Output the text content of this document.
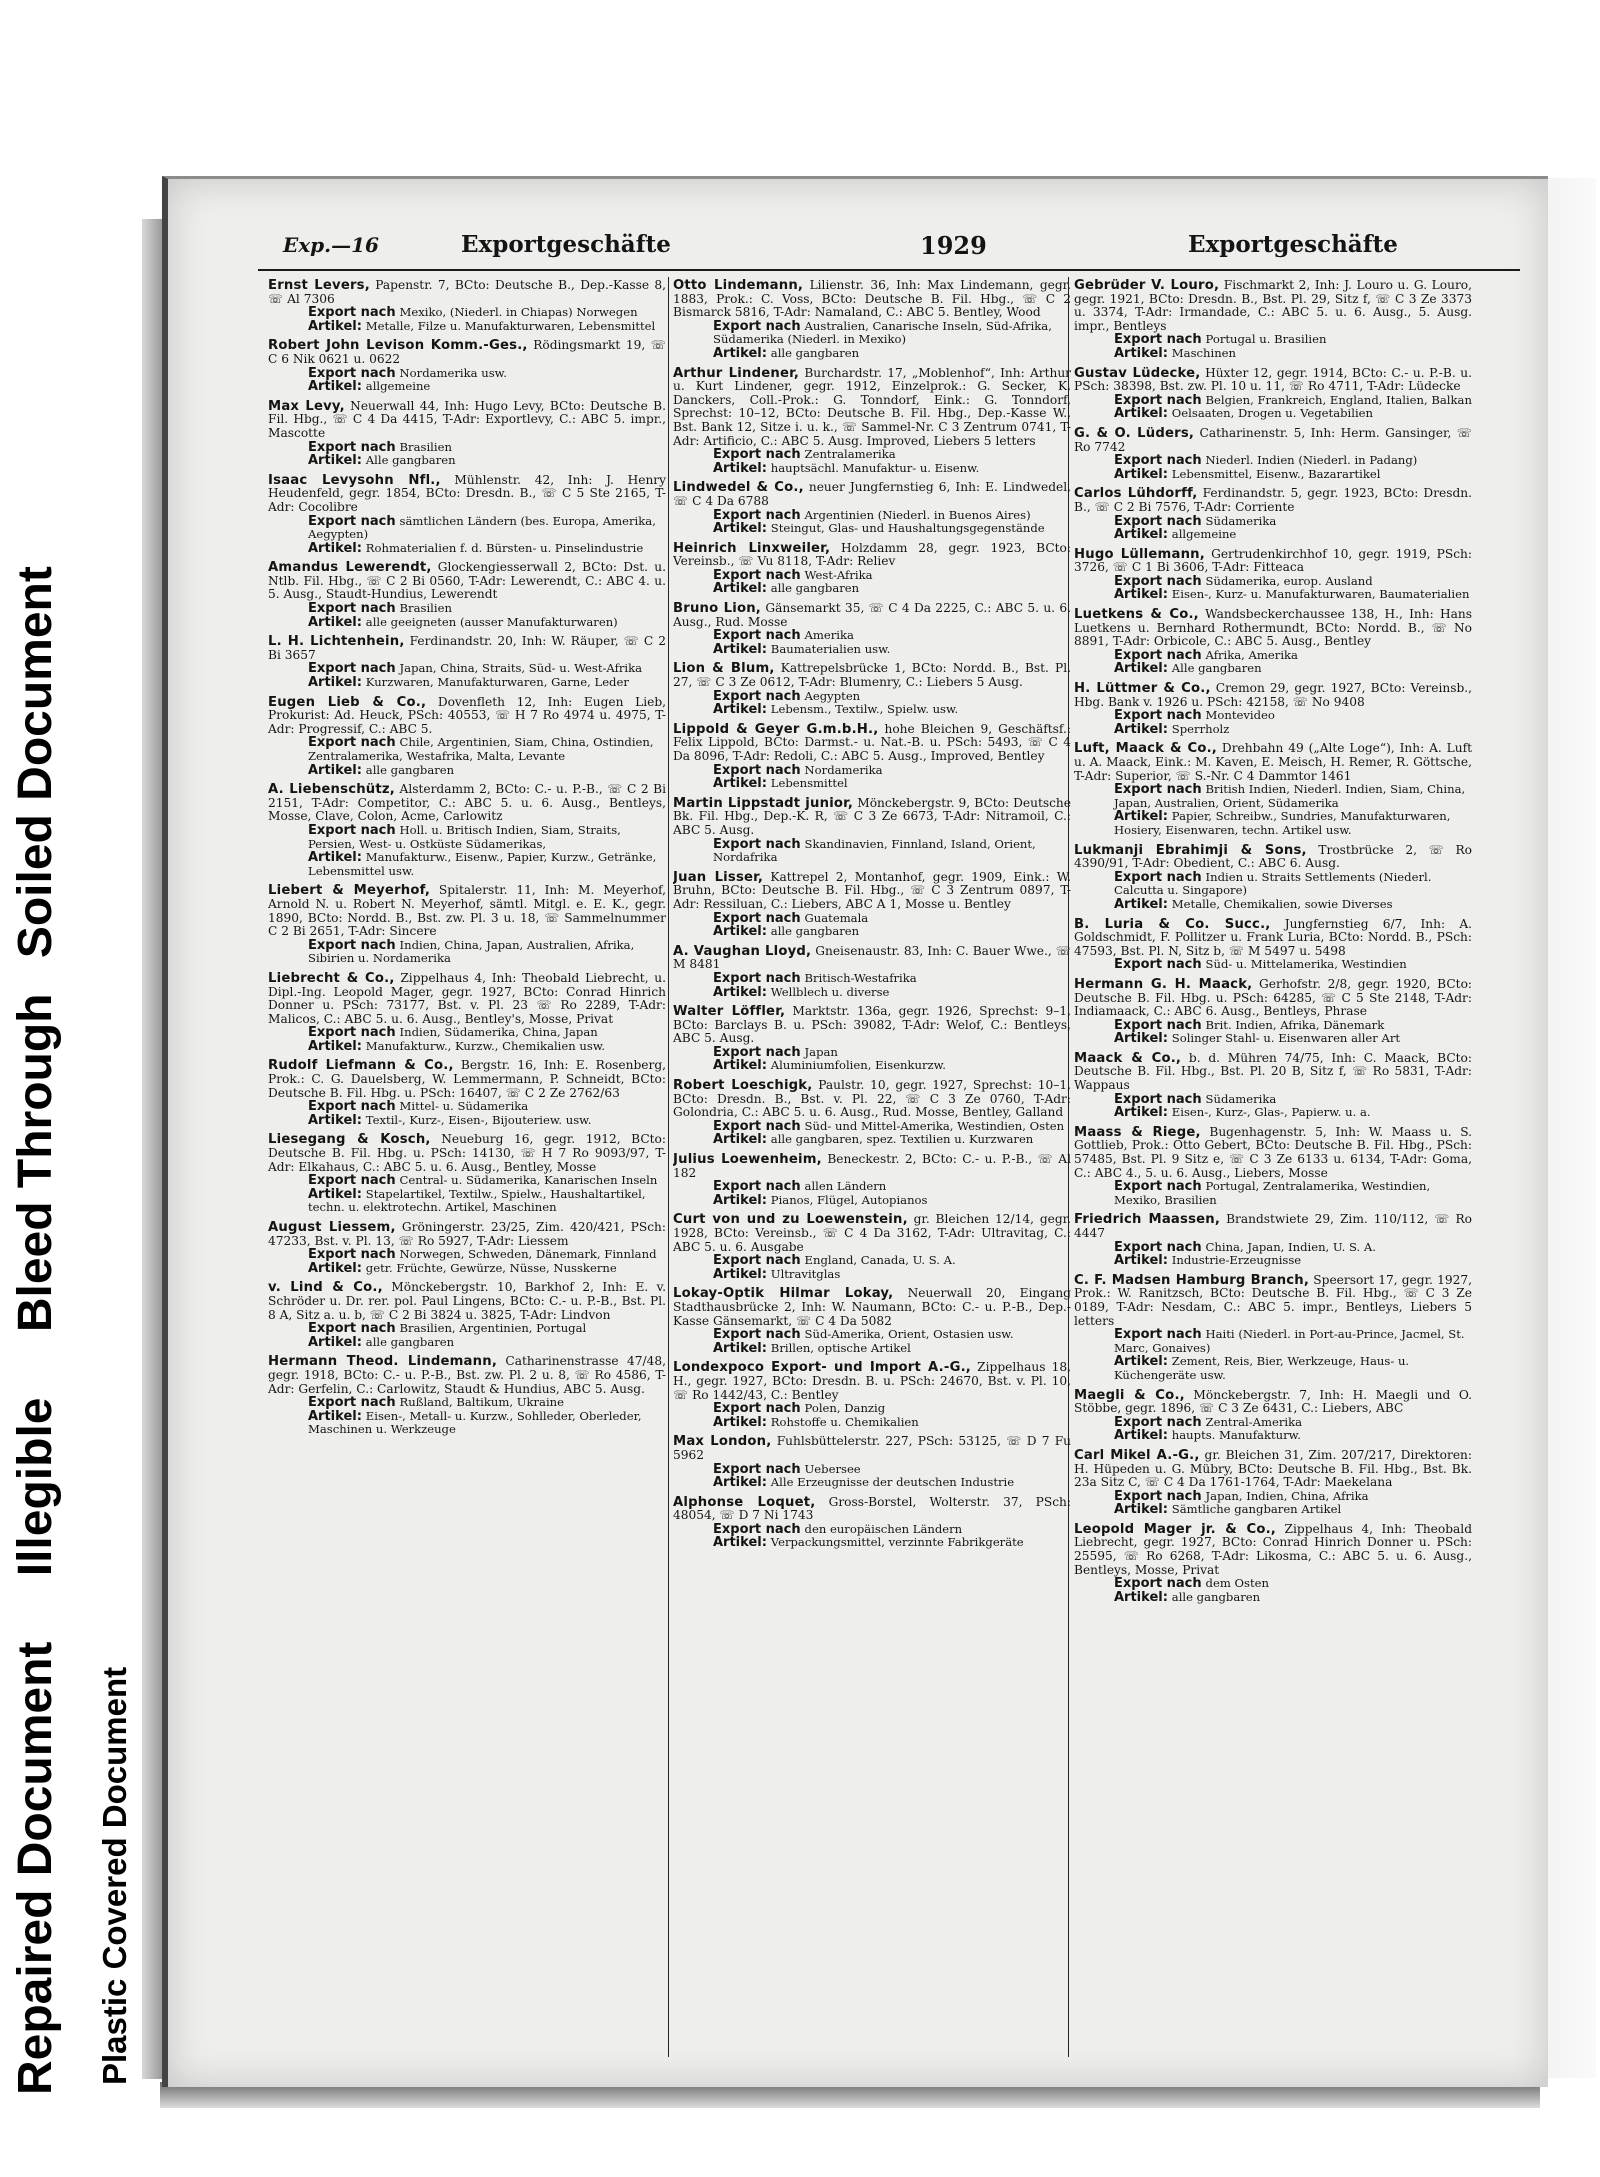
Repaired Document Illegible Bleed Through Soiled Document
Plastic Covered Document
Exp.—16	Exportgeschäfte	1929	Exportgeschäfte
Ernst Levers, Papenstr. 7, BCto: Deutsche B., Dep.-Kasse 8, ☏ Al 7306
Export nach Mexiko, (Niederl. in Chiapas) Norwegen
Artikel: Metalle, Filze u. Manufakturwaren, Lebensmittel
Robert John Levison Komm.-Ges., Rödingsmarkt 19, ☏ C 6 Nik 0621 u. 0622
Export nach Nordamerika usw.
Artikel: allgemeine
Max Levy, Neuerwall 44, Inh: Hugo Levy, BCto: Deutsche B. Fil. Hbg., ☏ C 4 Da 4415, T-Adr: Exportlevy, C.: ABC 5. impr., Mascotte
Export nach Brasilien
Artikel: Alle gangbaren
Isaac Levysohn Nfl., Mühlenstr. 42, Inh: J. Henry Heudenfeld, gegr. 1854, BCto: Dresdn. B., ☏ C 5 Ste 2165, T-Adr: Cocolibre
Export nach sämtlichen Ländern (bes. Europa, Amerika, Aegypten)
Artikel: Rohmaterialien f. d. Bürsten- u. Pinselindustrie
Amandus Lewerendt, Glockengiesserwall 2, BCto: Dst. u. Ntlb. Fil. Hbg., ☏ C 2 Bi 0560, T-Adr: Lewerendt, C.: ABC 4. u. 5. Ausg., Staudt-Hundius, Lewerendt
Export nach Brasilien
Artikel: alle geeigneten (ausser Manufakturwaren)
L. H. Lichtenhein, Ferdinandstr. 20, Inh: W. Räuper, ☏ C 2 Bi 3657
Export nach Japan, China, Straits, Süd- u. West-Afrika
Artikel: Kurzwaren, Manufakturwaren, Garne, Leder
Eugen Lieb & Co., Dovenfleth 12, Inh: Eugen Lieb, Prokurist: Ad. Heuck, PSch: 40553, ☏ H 7 Ro 4974 u. 4975, T-Adr: Progressif, C.: ABC 5.
Export nach Chile, Argentinien, Siam, China, Ostindien, Zentralamerika, Westafrika, Malta, Levante
Artikel: alle gangbaren
A. Liebenschütz, Alsterdamm 2, BCto: C.- u. P.-B., ☏ C 2 Bi 2151, T-Adr: Competitor, C.: ABC 5. u. 6. Ausg., Bentleys, Mosse, Clave, Colon, Acme, Carlowitz
Export nach Holl. u. Britisch Indien, Siam, Straits, Persien, West- u. Ostküste Südamerikas,
Artikel: Manufakturw., Eisenw., Papier, Kurzw., Getränke, Lebensmittel usw.
Liebert & Meyerhof, Spitalerstr. 11, Inh: M. Meyerhof, Arnold N. u. Robert N. Meyerhof, sämtl. Mitgl. e. E. K., gegr. 1890, BCto: Nordd. B., Bst. zw. Pl. 3 u. 18, ☏ Sammelnummer C 2 Bi 2651, T-Adr: Sincere
Export nach Indien, China, Japan, Australien, Afrika, Sibirien u. Nordamerika
Liebrecht & Co., Zippelhaus 4, Inh: Theobald Liebrecht, u. Dipl.-Ing. Leopold Mager, gegr. 1927, BCto: Conrad Hinrich Donner u. PSch: 73177, Bst. v. Pl. 23 ☏ Ro 2289, T-Adr: Malicos, C.: ABC 5. u. 6. Ausg., Bentley's, Mosse, Privat
Export nach Indien, Südamerika, China, Japan
Artikel: Manufakturw., Kurzw., Chemikalien usw.
Rudolf Liefmann & Co., Bergstr. 16, Inh: E. Rosenberg, Prok.: C. G. Dauelsberg, W. Lemmermann, P. Schneidt, BCto: Deutsche B. Fil. Hbg. u. PSch: 16407, ☏ C 2 Ze 2762/63
Export nach Mittel- u. Südamerika
Artikel: Textil-, Kurz-, Eisen-, Bijouteriew. usw.
Liesegang & Kosch, Neueburg 16, gegr. 1912, BCto: Deutsche B. Fil. Hbg. u. PSch: 14130, ☏ H 7 Ro 9093/97, T-Adr: Elkahaus, C.: ABC 5. u. 6. Ausg., Bentley, Mosse
Export nach Central- u. Südamerika, Kanarischen Inseln
Artikel: Stapelartikel, Textilw., Spielw., Haushaltartikel, techn. u. elektrotechn. Artikel, Maschinen
August Liessem, Gröningerstr. 23/25, Zim. 420/421, PSch: 47233, Bst. v. Pl. 13, ☏ Ro 5927, T-Adr: Liessem
Export nach Norwegen, Schweden, Dänemark, Finnland
Artikel: getr. Früchte, Gewürze, Nüsse, Nusskerne
v. Lind & Co., Mönckebergstr. 10, Barkhof 2, Inh: E. v. Schröder u. Dr. rer. pol. Paul Lingens, BCto: C.- u. P.-B., Bst. Pl. 8 A, Sitz a. u. b, ☏ C 2 Bi 3824 u. 3825, T-Adr: Lindvon
Export nach Brasilien, Argentinien, Portugal
Artikel: alle gangbaren
Hermann Theod. Lindemann, Catharinenstrasse 47/48, gegr. 1918, BCto: C.- u. P.-B., Bst. zw. Pl. 2 u. 8, ☏ Ro 4586, T-Adr: Gerfelin, C.: Carlowitz, Staudt & Hundius, ABC 5. Ausg.
Export nach Rußland, Baltikum, Ukraine
Artikel: Eisen-, Metall- u. Kurzw., Sohlleder, Oberleder, Maschinen u. Werkzeuge
Otto Lindemann, Lilienstr. 36, Inh: Max Lindemann, gegr. 1883, Prok.: C. Voss, BCto: Deutsche B. Fil. Hbg., ☏ C 2 Bismarck 5816, T-Adr: Namaland, C.: ABC 5. Bentley, Wood
Export nach Australien, Canarische Inseln, Süd-Afrika, Südamerika (Niederl. in Mexiko)
Artikel: alle gangbaren
Arthur Lindener, Burchardstr. 17, „Moblenhof“, Inh: Arthur u. Kurt Lindener, gegr. 1912, Einzelprok.: G. Secker, K. Danckers, Coll.-Prok.: G. Tonndorf, Eink.: G. Tonndorf, Sprechst: 10–12, BCto: Deutsche B. Fil. Hbg., Dep.-Kasse W., Bst. Bank 12, Sitze i. u. k., ☏ Sammel-Nr. C 3 Zentrum 0741, T-Adr: Artificio, C.: ABC 5. Ausg. Improved, Liebers 5 letters
Export nach Zentralamerika
Artikel: hauptsächl. Manufaktur- u. Eisenw.
Lindwedel & Co., neuer Jungfernstieg 6, Inh: E. Lindwedel, ☏ C 4 Da 6788
Export nach Argentinien (Niederl. in Buenos Aires)
Artikel: Steingut, Glas- und Haushaltungsgegenstände
Heinrich Linxweiler, Holzdamm 28, gegr. 1923, BCto: Vereinsb., ☏ Vu 8118, T-Adr: Reliev
Export nach West-Afrika
Artikel: alle gangbaren
Bruno Lion, Gänsemarkt 35, ☏ C 4 Da 2225, C.: ABC 5. u. 6. Ausg., Rud. Mosse
Export nach Amerika
Artikel: Baumaterialien usw.
Lion & Blum, Kattrepelsbrücke 1, BCto: Nordd. B., Bst. Pl. 27, ☏ C 3 Ze 0612, T-Adr: Blumenry, C.: Liebers 5 Ausg.
Export nach Aegypten
Artikel: Lebensm., Textilw., Spielw. usw.
Lippold & Geyer G.m.b.H., hohe Bleichen 9, Geschäftsf.: Felix Lippold, BCto: Darmst.- u. Nat.-B. u. PSch: 5493, ☏ C 4 Da 8096, T-Adr: Redoli, C.: ABC 5. Ausg., Improved, Bentley
Export nach Nordamerika
Artikel: Lebensmittel
Martin Lippstadt junior, Mönckebergstr. 9, BCto: Deutsche Bk. Fil. Hbg., Dep.-K. R, ☏ C 3 Ze 6673, T-Adr: Nitramoil, C.: ABC 5. Ausg.
Export nach Skandinavien, Finnland, Island, Orient, Nordafrika
Juan Lisser, Kattrepel 2, Montanhof, gegr. 1909, Eink.: W. Bruhn, BCto: Deutsche B. Fil. Hbg., ☏ C 3 Zentrum 0897, T-Adr: Ressiluan, C.: Liebers, ABC A 1, Mosse u. Bentley
Export nach Guatemala
Artikel: alle gangbaren
A. Vaughan Lloyd, Gneisenaustr. 83, Inh: C. Bauer Wwe., ☏ M 8481
Export nach Britisch-Westafrika
Artikel: Wellblech u. diverse
Walter Löffler, Marktstr. 136a, gegr. 1926, Sprechst: 9–1, BCto: Barclays B. u. PSch: 39082, T-Adr: Welof, C.: Bentleys, ABC 5. Ausg.
Export nach Japan
Artikel: Aluminiumfolien, Eisenkurzw.
Robert Loeschigk, Paulstr. 10, gegr. 1927, Sprechst: 10–1, BCto: Dresdn. B., Bst. v. Pl. 22, ☏ C 3 Ze 0760, T-Adr: Golondria, C.: ABC 5. u. 6. Ausg., Rud. Mosse, Bentley, Galland
Export nach Süd- und Mittel-Amerika, Westindien, Osten
Artikel: alle gangbaren, spez. Textilien u. Kurzwaren
Julius Loewenheim, Beneckestr. 2, BCto: C.- u. P.-B., ☏ Al 182
Export nach allen Ländern
Artikel: Pianos, Flügel, Autopianos
Curt von und zu Loewenstein, gr. Bleichen 12/14, gegr. 1928, BCto: Vereinsb., ☏ C 4 Da 3162, T-Adr: Ultravitag, C.: ABC 5. u. 6. Ausgabe
Export nach England, Canada, U. S. A.
Artikel: Ultravitglas
Lokay-Optik Hilmar Lokay, Neuerwall 20, Eingang Stadthausbrücke 2, Inh: W. Naumann, BCto: C.- u. P.-B., Dep.-Kasse Gänsemarkt, ☏ C 4 Da 5082
Export nach Süd-Amerika, Orient, Ostasien usw.
Artikel: Brillen, optische Artikel
Londexpoco Export- und Import A.-G., Zippelhaus 18, H., gegr. 1927, BCto: Dresdn. B. u. PSch: 24670, Bst. v. Pl. 10, ☏ Ro 1442/43, C.: Bentley
Export nach Polen, Danzig
Artikel: Rohstoffe u. Chemikalien
Max London, Fuhlsbüttelerstr. 227, PSch: 53125, ☏ D 7 Fu 5962
Export nach Uebersee
Artikel: Alle Erzeugnisse der deutschen Industrie
Alphonse Loquet, Gross-Borstel, Wolterstr. 37, PSch: 48054, ☏ D 7 Ni 1743
Export nach den europäischen Ländern
Artikel: Verpackungsmittel, verzinnte Fabrikgeräte
Gebrüder V. Louro, Fischmarkt 2, Inh: J. Louro u. G. Louro, gegr. 1921, BCto: Dresdn. B., Bst. Pl. 29, Sitz f, ☏ C 3 Ze 3373 u. 3374, T-Adr: Irmandade, C.: ABC 5. u. 6. Ausg., 5. Ausg. impr., Bentleys
Export nach Portugal u. Brasilien
Artikel: Maschinen
Gustav Lüdecke, Hüxter 12, gegr. 1914, BCto: C.- u. P.-B. u. PSch: 38398, Bst. zw. Pl. 10 u. 11, ☏ Ro 4711, T-Adr: Lüdecke
Export nach Belgien, Frankreich, England, Italien, Balkan
Artikel: Oelsaaten, Drogen u. Vegetabilien
G. & O. Lüders, Catharinenstr. 5, Inh: Herm. Gansinger, ☏ Ro 7742
Export nach Niederl. Indien (Niederl. in Padang)
Artikel: Lebensmittel, Eisenw., Bazarartikel
Carlos Lühdorff, Ferdinandstr. 5, gegr. 1923, BCto: Dresdn. B., ☏ C 2 Bi 7576, T-Adr: Corriente
Export nach Südamerika
Artikel: allgemeine
Hugo Lüllemann, Gertrudenkirchhof 10, gegr. 1919, PSch: 3726, ☏ C 1 Bi 3606, T-Adr: Fitteaca
Export nach Südamerika, europ. Ausland
Artikel: Eisen-, Kurz- u. Manufakturwaren, Baumaterialien
Luetkens & Co., Wandsbeckerchaussee 138, H., Inh: Hans Luetkens u. Bernhard Rothermundt, BCto: Nordd. B., ☏ No 8891, T-Adr: Orbicole, C.: ABC 5. Ausg., Bentley
Export nach Afrika, Amerika
Artikel: Alle gangbaren
H. Lüttmer & Co., Cremon 29, gegr. 1927, BCto: Vereinsb., Hbg. Bank v. 1926 u. PSch: 42158, ☏ No 9408
Export nach Montevideo
Artikel: Sperrholz
Luft, Maack & Co., Drehbahn 49 („Alte Loge“), Inh: A. Luft u. A. Maack, Eink.: M. Kaven, E. Meisch, H. Remer, R. Göttsche, T-Adr: Superior, ☏ S.-Nr. C 4 Dammtor 1461
Export nach British Indien, Niederl. Indien, Siam, China, Japan, Australien, Orient, Südamerika
Artikel: Papier, Schreibw., Sundries, Manufakturwaren, Hosiery, Eisenwaren, techn. Artikel usw.
Lukmanji Ebrahimji & Sons, Trostbrücke 2, ☏ Ro 4390/91, T-Adr: Obedient, C.: ABC 6. Ausg.
Export nach Indien u. Straits Settlements (Niederl. Calcutta u. Singapore)
Artikel: Metalle, Chemikalien, sowie Diverses
B. Luria & Co. Succ., Jungfernstieg 6/7, Inh: A. Goldschmidt, F. Pollitzer u. Frank Luria, BCto: Nordd. B., PSch: 47593, Bst. Pl. N, Sitz b, ☏ M 5497 u. 5498
Export nach Süd- u. Mittelamerika, Westindien
Hermann G. H. Maack, Gerhofstr. 2/8, gegr. 1920, BCto: Deutsche B. Fil. Hbg. u. PSch: 64285, ☏ C 5 Ste 2148, T-Adr: Indiamaack, C.: ABC 6. Ausg., Bentleys, Phrase
Export nach Brit. Indien, Afrika, Dänemark
Artikel: Solinger Stahl- u. Eisenwaren aller Art
Maack & Co., b. d. Mühren 74/75, Inh: C. Maack, BCto: Deutsche B. Fil. Hbg., Bst. Pl. 20 B, Sitz f, ☏ Ro 5831, T-Adr: Wappaus
Export nach Südamerika
Artikel: Eisen-, Kurz-, Glas-, Papierw. u. a.
Maass & Riege, Bugenhagenstr. 5, Inh: W. Maass u. S. Gottlieb, Prok.: Otto Gebert, BCto: Deutsche B. Fil. Hbg., PSch: 57485, Bst. Pl. 9 Sitz e, ☏ C 3 Ze 6133 u. 6134, T-Adr: Goma, C.: ABC 4., 5. u. 6. Ausg., Liebers, Mosse
Export nach Portugal, Zentralamerika, Westindien, Mexiko, Brasilien
Friedrich Maassen, Brandstwiete 29, Zim. 110/112, ☏ Ro 4447
Export nach China, Japan, Indien, U. S. A.
Artikel: Industrie-Erzeugnisse
C. F. Madsen Hamburg Branch, Speersort 17, gegr. 1927, Prok.: W. Ranitzsch, BCto: Deutsche B. Fil. Hbg., ☏ C 3 Ze 0189, T-Adr: Nesdam, C.: ABC 5. impr., Bentleys, Liebers 5 letters
Export nach Haiti (Niederl. in Port-au-Prince, Jacmel, St. Marc, Gonaives)
Artikel: Zement, Reis, Bier, Werkzeuge, Haus- u. Küchengeräte usw.
Maegli & Co., Mönckebergstr. 7, Inh: H. Maegli und O. Stöbbe, gegr. 1896, ☏ C 3 Ze 6431, C.: Liebers, ABC
Export nach Zentral-Amerika
Artikel: haupts. Manufakturw.
Carl Mikel A.-G., gr. Bleichen 31, Zim. 207/217, Direktoren: H. Hüpeden u. G. Mübry, BCto: Deutsche B. Fil. Hbg., Bst. Bk. 23a Sitz C, ☏ C 4 Da 1761-1764, T-Adr: Maekelana
Export nach Japan, Indien, China, Afrika
Artikel: Sämtliche gangbaren Artikel
Leopold Mager jr. & Co., Zippelhaus 4, Inh: Theobald Liebrecht, gegr. 1927, BCto: Conrad Hinrich Donner u. PSch: 25595, ☏ Ro 6268, T-Adr: Likosma, C.: ABC 5. u. 6. Ausg., Bentleys, Mosse, Privat
Export nach dem Osten
Artikel: alle gangbaren
